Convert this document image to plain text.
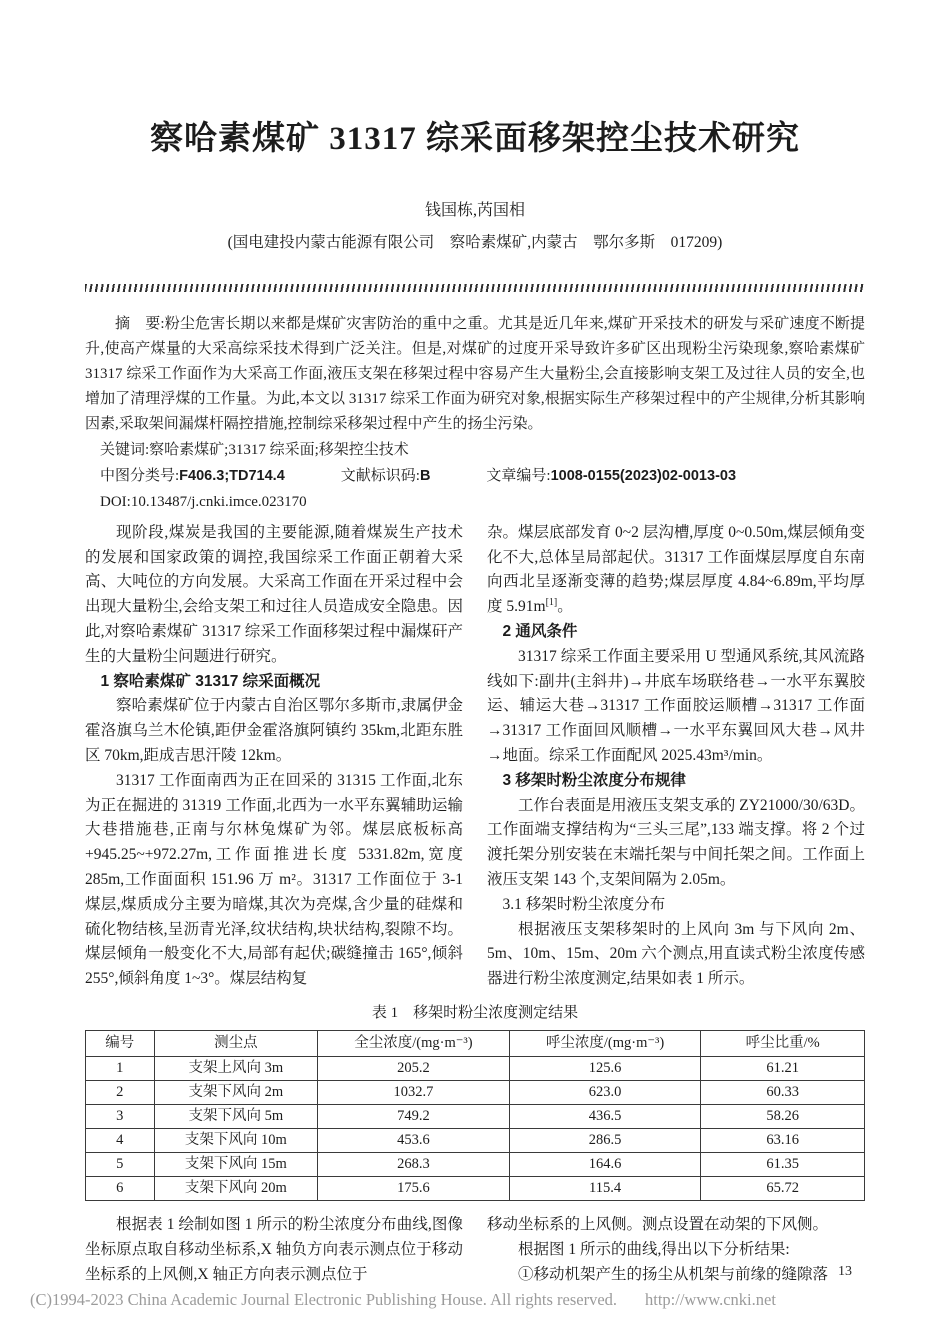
察哈素煤矿 31317 综采面移架控尘技术研究
钱国栋,芮国相
(国电建投内蒙古能源有限公司　察哈素煤矿,内蒙古　鄂尔多斯　017209)

摘　要:粉尘危害长期以来都是煤矿灾害防治的重中之重。尤其是近几年来,煤矿开采技术的研发与采矿速度不断提升,使高产煤量的大采高综采技术得到广泛关注。但是,对煤矿的过度开采导致许多矿区出现粉尘污染现象,察哈素煤矿 31317 综采工作面作为大采高工作面,液压支架在移架过程中容易产生大量粉尘,会直接影响支架工及过往人员的安全,也增加了清理浮煤的工作量。为此,本文以 31317 综采工作面为研究对象,根据实际生产移架过程中的产尘规律,分析其影响因素,采取架间漏煤杆隔控措施,控制综采移架过程中产生的扬尘污染。

关键词:察哈素煤矿;31317 综采面;移架控尘技术

中图分类号:F406.3;TD714.4	文献标识码:B	文章编号:1008-0155(2023)02-0013-03

DOI:10.13487/j.cnki.imce.023170

现阶段,煤炭是我国的主要能源,随着煤炭生产技术的发展和国家政策的调控,我国综采工作面正朝着大采高、大吨位的方向发展。大采高工作面在开采过程中会出现大量粉尘,会给支架工和过往人员造成安全隐患。因此,对察哈素煤矿 31317 综采工作面移架过程中漏煤矸产生的大量粉尘问题进行研究。

1 察哈素煤矿 31317 综采面概况

察哈素煤矿位于内蒙古自治区鄂尔多斯市,隶属伊金霍洛旗乌兰木伦镇,距伊金霍洛旗阿镇约 35km,北距东胜区 70km,距成吉思汗陵 12km。

31317 工作面南西为正在回采的 31315 工作面,北东为正在掘进的 31319 工作面,北西为一水平东翼辅助运输大巷措施巷,正南与尔林兔煤矿为邻。煤层底板标高+945.25~+972.27m,工作面推进长度 5331.82m,宽度 285m,工作面面积 151.96 万 m²。31317 工作面位于 3-1 煤层,煤质成分主要为暗煤,其次为亮煤,含少量的硅煤和硫化物结核,呈沥青光泽,纹状结构,块状结构,裂隙不均。煤层倾角一般变化不大,局部有起伏;碳缝撞击 165°,倾斜 255°,倾斜角度 1~3°。煤层结构复

杂。煤层底部发育 0~2 层沟槽,厚度 0~0.50m,煤层倾角变化不大,总体呈局部起伏。31317 工作面煤层厚度自东南向西北呈逐渐变薄的趋势;煤层厚度 4.84~6.89m,平均厚度 5.91m[1]。

2 通风条件

31317 综采工作面主要采用 U 型通风系统,其风流路线如下:副井(主斜井)→井底车场联络巷→一水平东翼胶运、辅运大巷→31317 工作面胶运顺槽→31317 工作面→31317 工作面回风顺槽→一水平东翼回风大巷→风井→地面。综采工作面配风 2025.43m³/min。

3 移架时粉尘浓度分布规律

工作台表面是用液压支架支承的 ZY21000/30/63D。工作面端支撑结构为“三头三尾”,133 端支撑。将 2 个过渡托架分别安装在末端托架与中间托架之间。工作面上液压支架 143 个,支架间隔为 2.05m。

3.1 移架时粉尘浓度分布

根据液压支架移架时的上风向 3m 与下风向 2m、5m、10m、15m、20m 六个测点,用直读式粉尘浓度传感器进行粉尘浓度测定,结果如表 1 所示。

表 1　移架时粉尘浓度测定结果
编号	测尘点	全尘浓度/(mg·m⁻³)	呼尘浓度/(mg·m⁻³)	呼尘比重/%
1	支架上风向 3m	205.2	125.6	61.21
2	支架下风向 2m	1032.7	623.0	60.33
3	支架下风向 5m	749.2	436.5	58.26
4	支架下风向 10m	453.6	286.5	63.16
5	支架下风向 15m	268.3	164.6	61.35
6	支架下风向 20m	175.6	115.4	65.72

根据表 1 绘制如图 1 所示的粉尘浓度分布曲线,图像坐标原点取自移动坐标系,X 轴负方向表示测点位于移动坐标系的上风侧,X 轴正方向表示测点位于

移动坐标系的上风侧。测点设置在动架的下风侧。

根据图 1 所示的曲线,得出以下分析结果:

①移动机架产生的扬尘从机架与前缘的缝隙落 13
(C)1994-2023 China Academic Journal Electronic Publishing House. All rights reserved. http://www.cnki.net
